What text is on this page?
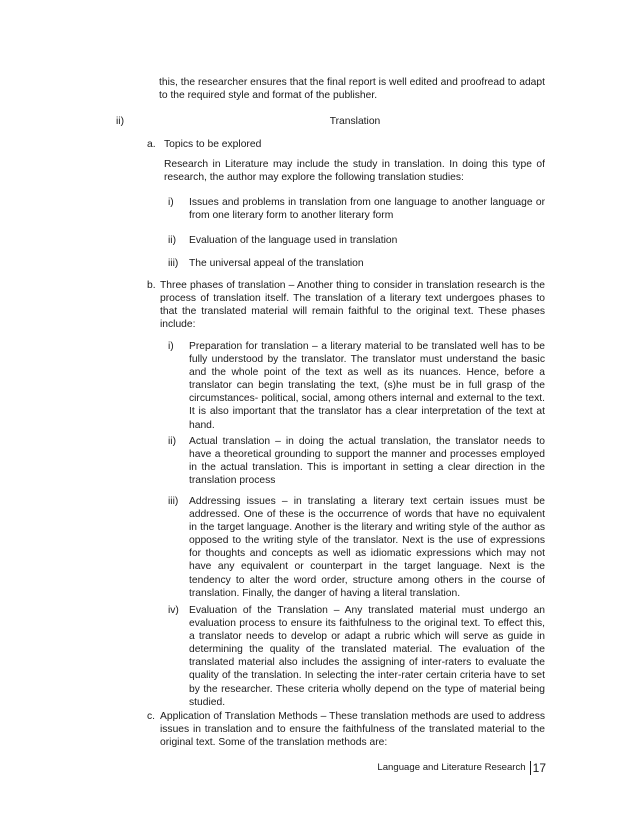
this, the researcher ensures that the final report is well edited and proofread to adapt to the required style and format of the publisher.

ii)	Translation
a. Topics to be explored

Research in Literature may include the study in translation. In doing this type of research, the author may explore the following translation studies:

i) Issues and problems in translation from one language to another language or from one literary form to another literary form

ii) Evaluation of the language used in translation

iii) The universal appeal of the translation

b. Three phases of translation – Another thing to consider in translation research is the process of translation itself. The translation of a literary text undergoes phases to that the translated material will remain faithful to the original text. These phases include:

i) Preparation for translation – a literary material to be translated well has to be fully understood by the translator. The translator must understand the basic and the whole point of the text as well as its nuances. Hence, before a translator can begin translating the text, (s)he must be in full grasp of the circumstances- political, social, among others internal and external to the text. It is also important that the translator has a clear interpretation of the text at hand.

ii) Actual translation – in doing the actual translation, the translator needs to have a theoretical grounding to support the manner and processes employed in the actual translation. This is important in setting a clear direction in the translation process

iii) Addressing issues – in translating a literary text certain issues must be addressed. One of these is the occurrence of words that have no equivalent in the target language. Another is the literary and writing style of the author as opposed to the writing style of the translator. Next is the use of expressions for thoughts and concepts as well as idiomatic expressions which may not have any equivalent or counterpart in the target language. Next is the tendency to alter the word order, structure among others in the course of translation. Finally, the danger of having a literal translation.

iv) Evaluation of the Translation – Any translated material must undergo an evaluation process to ensure its faithfulness to the original text. To effect this, a translator needs to develop or adapt a rubric which will serve as guide in determining the quality of the translated material. The evaluation of the translated material also includes the assigning of inter-raters to evaluate the quality of the translation. In selecting the inter-rater certain criteria have to set by the researcher. These criteria wholly depend on the type of material being studied.

c. Application of Translation Methods – These translation methods are used to address issues in translation and to ensure the faithfulness of the translated material to the original text. Some of the translation methods are:

Language and Literature Research 17
